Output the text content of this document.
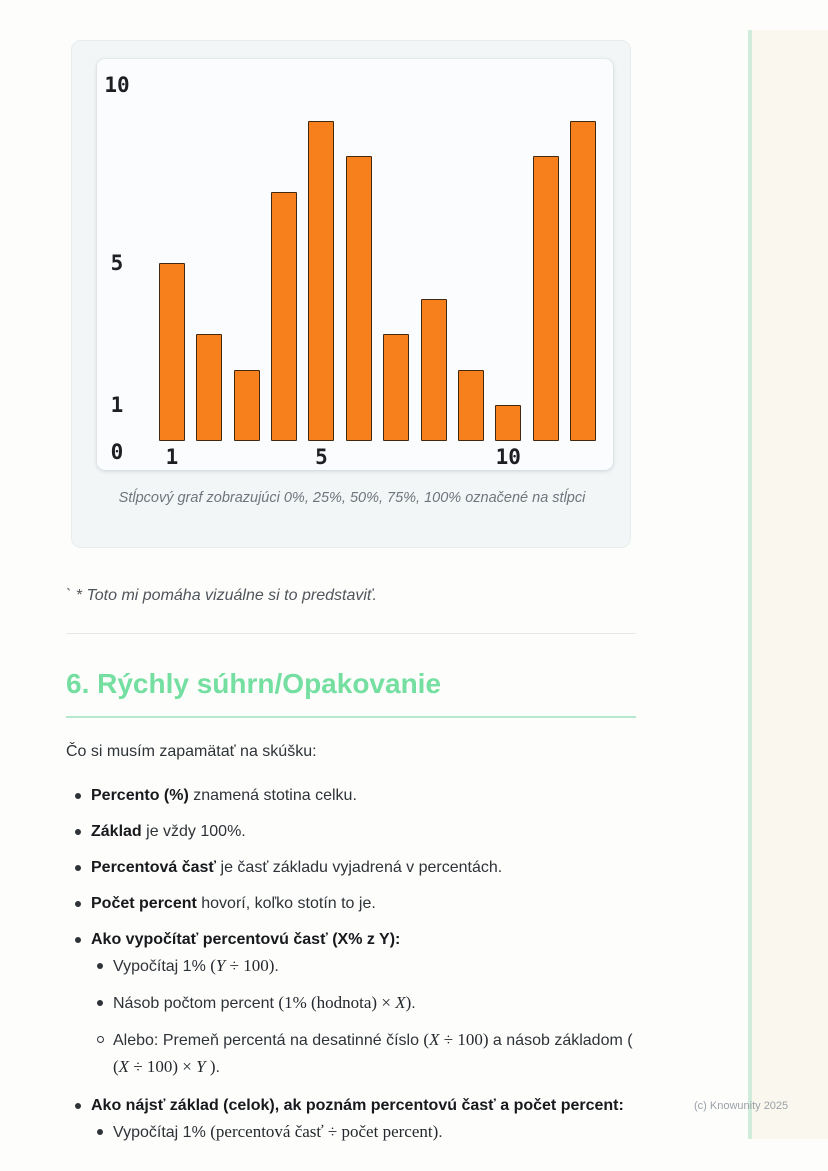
0
1
5
10
1	5	10
Stĺpcový graf zobrazujúci 0%, 25%, 50%, 75%, 100% označené na stĺpci
` * Toto mi pomáha vizuálne si to predstaviť.
6. Rýchly súhrn/Opakovanie
Čo si musím zapamätať na skúšku:
Percento (%) znamená stotina celku.
Základ je vždy 100%.
Percentová časť je časť základu vyjadrená v percentách.
Počet percent hovorí, koľko stotín to je.
Ako vypočítať percentovú časť (X% z Y):
Vypočítaj 1% (Y ÷ 100).
Násob počtom percent (1% (hodnota) × X).
Alebo: Premeň percentá na desatinné číslo (X ÷ 100) a násob základom ( (X ÷ 100) × Y ).
Ako nájsť základ (celok), ak poznám percentovú časť a počet percent:
Vypočítaj 1% (percentová časť ÷ počet percent).
(c) Knowunity 2025
